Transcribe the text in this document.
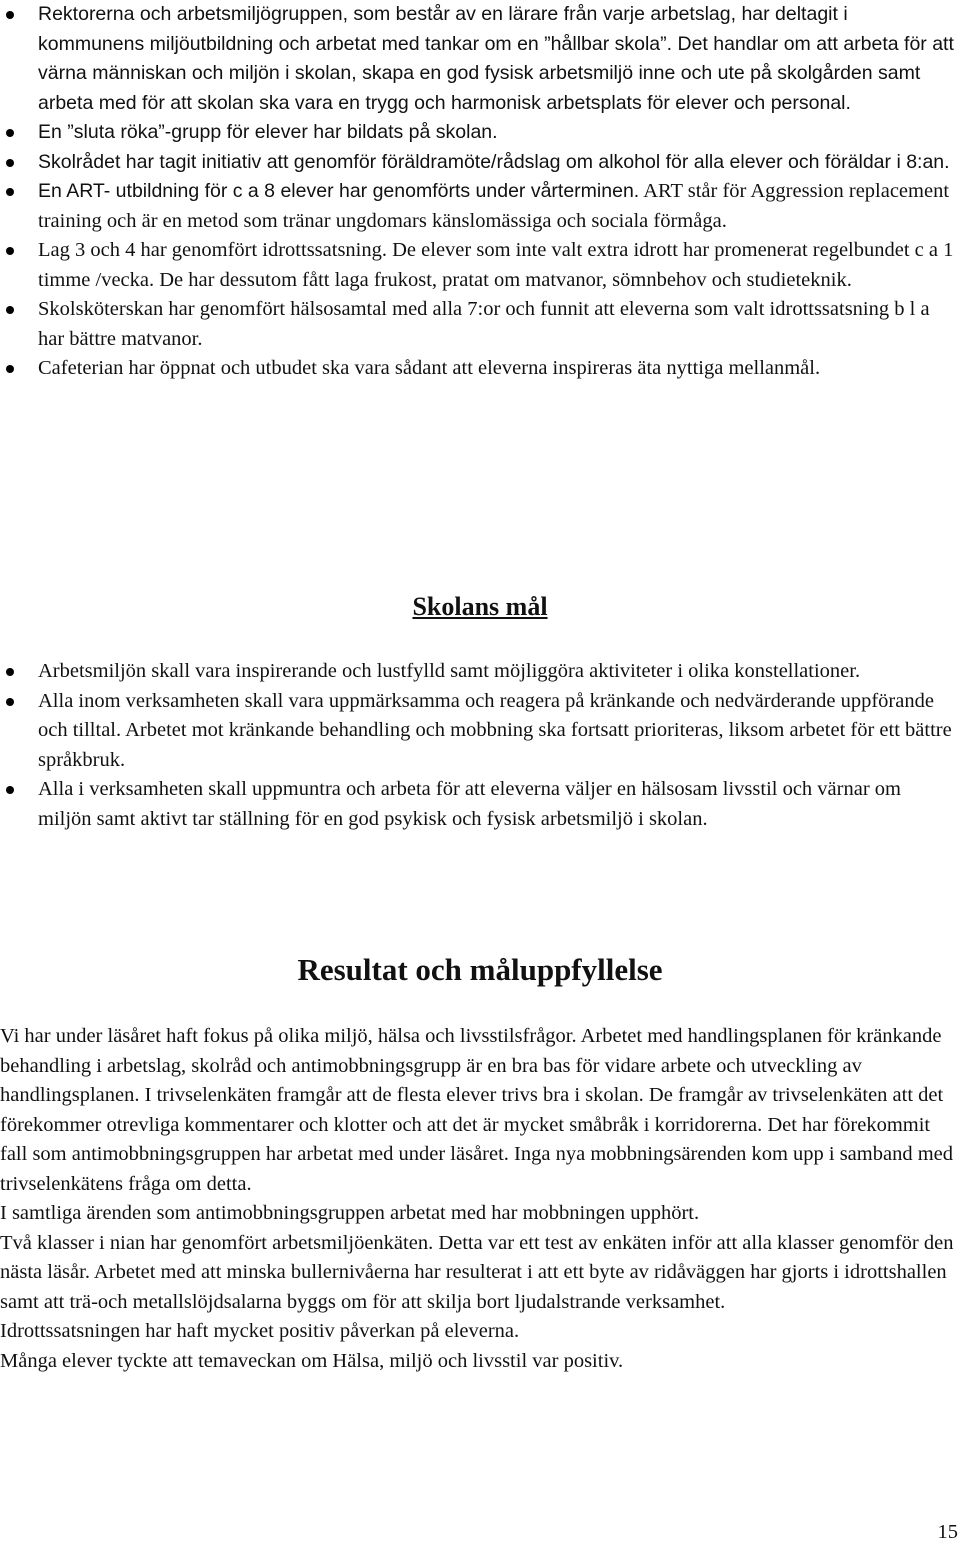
Rektorerna och arbetsmiljögruppen, som består av en lärare från varje arbetslag, har deltagit i kommunens miljöutbildning och arbetat med tankar om en ”hållbar skola”. Det handlar om att arbeta för att värna människan och miljön i skolan, skapa en god fysisk arbetsmiljö inne och ute på skolgården samt arbeta med för att skolan ska vara en trygg och harmonisk arbetsplats för elever och personal.
En ”sluta röka”-grupp för elever har bildats på skolan.
Skolrådet har tagit initiativ att genomför föräldramöte/rådslag om alkohol för alla elever och föräldar i 8:an.
En ART- utbildning för c a 8 elever har genomförts under vårterminen. ART står för Aggression replacement training och är en metod som tränar ungdomars känslomässiga och sociala förmåga.
Lag 3 och 4 har genomfört idrottssatsning. De elever som inte valt extra idrott har promenerat regelbundet c a 1 timme /vecka. De har dessutom fått laga frukost, pratat om matvanor, sömnbehov och studieteknik.
Skolsköterskan har genomfört hälsosamtal med alla 7:or och funnit att eleverna som valt idrottssatsning b l a har bättre matvanor.
Cafeterian har öppnat och utbudet ska vara sådant att eleverna inspireras äta nyttiga mellanmål.
Skolans mål
Arbetsmiljön skall vara inspirerande och lustfylld samt möjliggöra aktiviteter i olika konstellationer.
Alla inom verksamheten skall vara uppmärksamma och reagera på kränkande och nedvärderande uppförande och tilltal. Arbetet mot kränkande behandling och mobbning ska fortsatt prioriteras, liksom arbetet för ett bättre språkbruk.
Alla i verksamheten skall uppmuntra och arbeta för att eleverna väljer en hälsosam livsstil och värnar om miljön samt aktivt tar ställning för en god psykisk och fysisk arbetsmiljö i skolan.
Resultat och måluppfyllelse

Vi har under läsåret haft fokus på olika miljö, hälsa och livsstilsfrågor. Arbetet med handlingsplanen för kränkande behandling i arbetslag, skolråd och antimobbningsgrupp är en bra bas för vidare arbete och utveckling av handlingsplanen. I trivselenkäten framgår att de flesta elever trivs bra i skolan. De framgår av trivselenkäten att det förekommer otrevliga kommentarer och klotter och att det är mycket småbråk i korridorerna. Det har förekommit fall som antimobbningsgruppen har arbetat med under läsåret. Inga nya mobbningsärenden kom upp i samband med trivselenkätens fråga om detta.

I samtliga ärenden som antimobbningsgruppen arbetat med har mobbningen upphört.

Två klasser i nian har genomfört arbetsmiljöenkäten. Detta var ett test av enkäten inför att alla klasser genomför den nästa läsår. Arbetet med att minska bullernivåerna har resulterat i att ett byte av ridåväggen har gjorts i idrottshallen samt att trä-och metallslöjdsalarna byggs om för att skilja bort ljudalstrande verksamhet.

Idrottssatsningen har haft mycket positiv påverkan på eleverna.

Många elever tyckte att temaveckan om Hälsa, miljö och livsstil var positiv.

15
